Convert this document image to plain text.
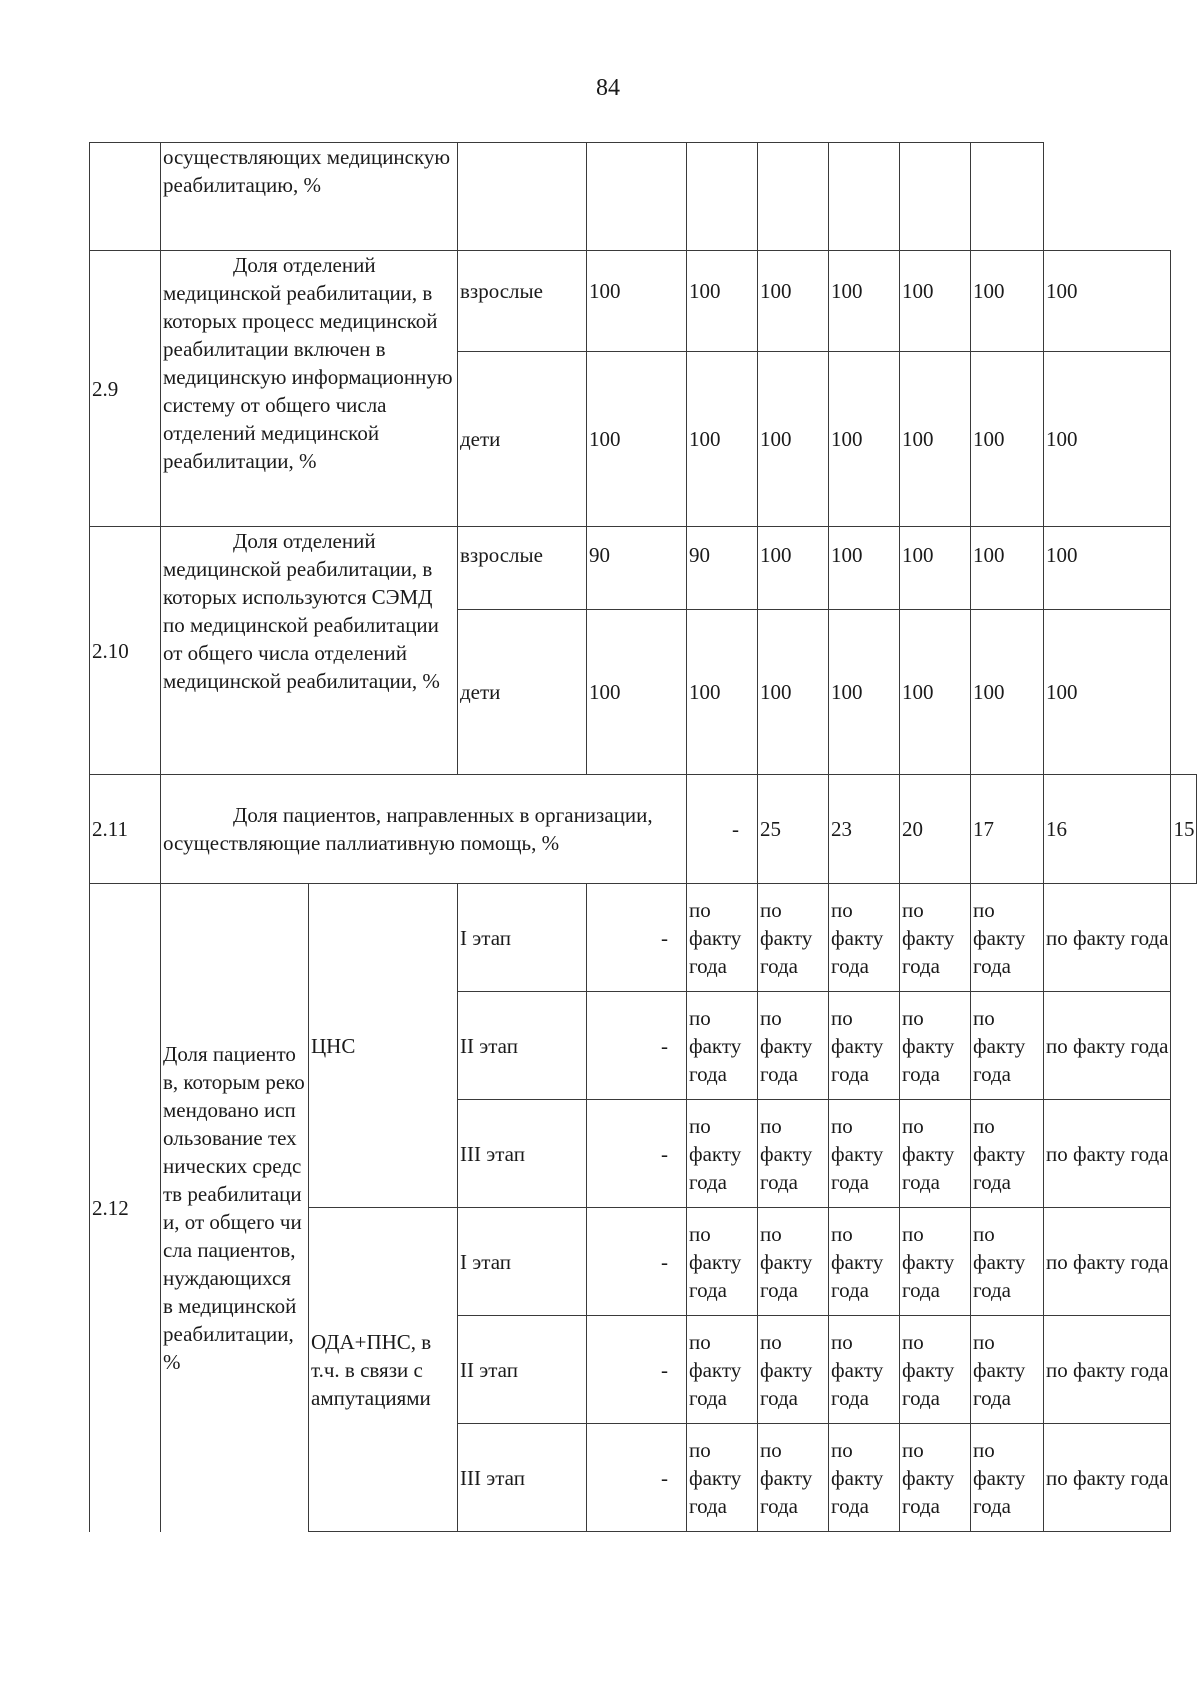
84
	осуществляющих медицинскую реабилитацию, %										
2.9	Доля отделений медицинской реабилитации, в которых процесс медицинской реабилитации включен в медицинскую информационную систему от общего числа отделений медицинской реабилитации, %		взрослые	100	100	100	100	100	100	100	
			дети	100	100	100	100	100	100	100	
2.10	Доля отделений медицинской реабилитации, в которых используются СЭМД по медицинской реабилитации от общего числа отделений медицинской реабилитации, %		взрослые	90	90	100	100	100	100	100	
			дети	100	100	100	100	100	100	100	
2.11	Доля пациентов, направленных в организации, осуществляющие паллиативную помощь, %				-	25	23	20	17	16	15
2.12	Доля пациентов, которым рекомендовано использование технических средств реабилитации, от общего числа пациентов, нуждающихся в медицинской реабилитации, %	ЦНС	I этап	-	по факту года	по факту года	по факту года	по факту года	по факту года	по факту года	
			II этап	-	по факту года	по факту года	по факту года	по факту года	по факту года	по факту года	
			III этап	-	по факту года	по факту года	по факту года	по факту года	по факту года	по факту года	
		ОДА+ПНС, в т.ч. в связи с ампутациями	I этап	-	по факту года	по факту года	по факту года	по факту года	по факту года	по факту года	
			II этап	-	по факту года	по факту года	по факту года	по факту года	по факту года	по факту года	
			III этап	-	по факту года	по факту года	по факту года	по факту года	по факту года	по факту года	
